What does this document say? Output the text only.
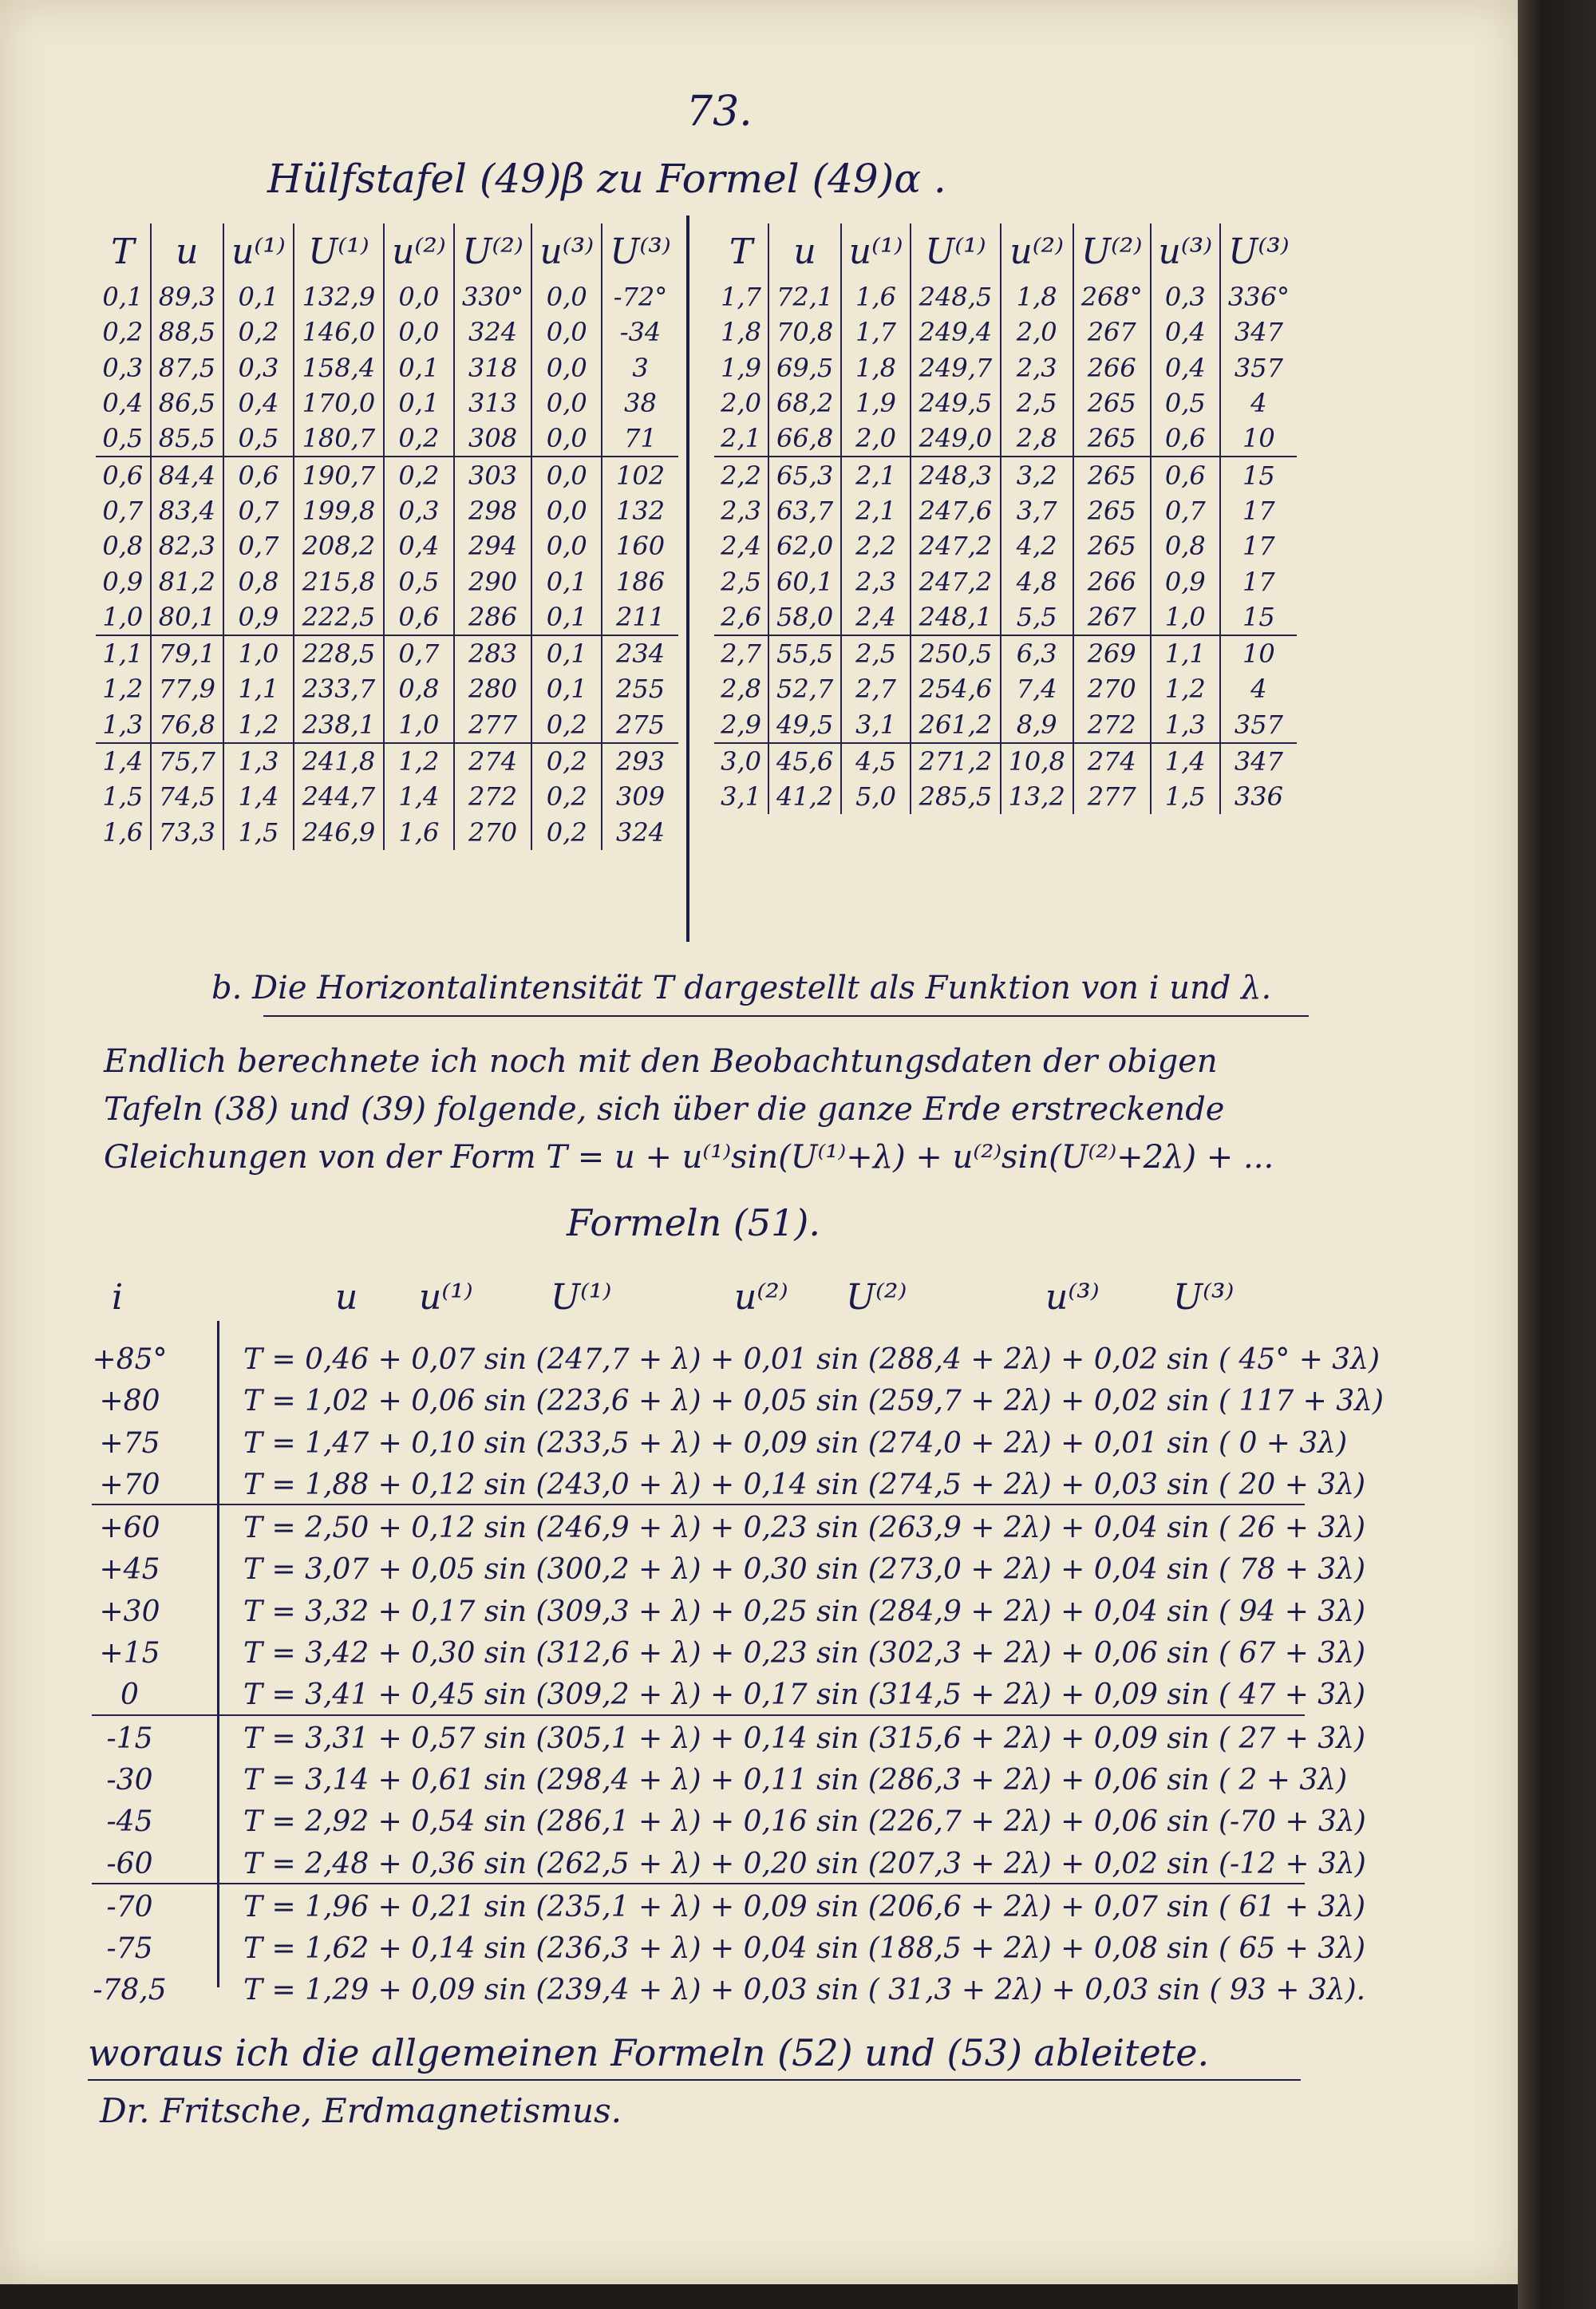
73.
Hülfstafel (49)β zu Formel (49)α .
T	u	u⁽¹⁾	U⁽¹⁾	u⁽²⁾	U⁽²⁾	u⁽³⁾	U⁽³⁾
0,1	89,3	0,1	132,9	0,0	330°	0,0	-72°
0,2	88,5	0,2	146,0	0,0	324	0,0	-34
0,3	87,5	0,3	158,4	0,1	318	0,0	3
0,4	86,5	0,4	170,0	0,1	313	0,0	38
0,5	85,5	0,5	180,7	0,2	308	0,0	71
0,6	84,4	0,6	190,7	0,2	303	0,0	102
0,7	83,4	0,7	199,8	0,3	298	0,0	132
0,8	82,3	0,7	208,2	0,4	294	0,0	160
0,9	81,2	0,8	215,8	0,5	290	0,1	186
1,0	80,1	0,9	222,5	0,6	286	0,1	211
1,1	79,1	1,0	228,5	0,7	283	0,1	234
1,2	77,9	1,1	233,7	0,8	280	0,1	255
1,3	76,8	1,2	238,1	1,0	277	0,2	275
1,4	75,7	1,3	241,8	1,2	274	0,2	293
1,5	74,5	1,4	244,7	1,4	272	0,2	309
1,6	73,3	1,5	246,9	1,6	270	0,2	324
T	u	u⁽¹⁾	U⁽¹⁾	u⁽²⁾	U⁽²⁾	u⁽³⁾	U⁽³⁾
1,7	72,1	1,6	248,5	1,8	268°	0,3	336°
1,8	70,8	1,7	249,4	2,0	267	0,4	347
1,9	69,5	1,8	249,7	2,3	266	0,4	357
2,0	68,2	1,9	249,5	2,5	265	0,5	4
2,1	66,8	2,0	249,0	2,8	265	0,6	10
2,2	65,3	2,1	248,3	3,2	265	0,6	15
2,3	63,7	2,1	247,6	3,7	265	0,7	17
2,4	62,0	2,2	247,2	4,2	265	0,8	17
2,5	60,1	2,3	247,2	4,8	266	0,9	17
2,6	58,0	2,4	248,1	5,5	267	1,0	15
2,7	55,5	2,5	250,5	6,3	269	1,1	10
2,8	52,7	2,7	254,6	7,4	270	1,2	4
2,9	49,5	3,1	261,2	8,9	272	1,3	357
3,0	45,6	4,5	271,2	10,8	274	1,4	347
3,1	41,2	5,0	285,5	13,2	277	1,5	336
b. Die Horizontalintensität T dargestellt als Funktion von i und λ.
Endlich berechnete ich noch mit den Beobachtungsdaten der obigen
Tafeln (38) und (39) folgende, sich über die ganze Erde erstreckende
Gleichungen von der Form T = u + u⁽¹⁾sin(U⁽¹⁾+λ) + u⁽²⁾sin(U⁽²⁾+2λ) + ...
Formeln (51).
i	u u⁽¹⁾ U⁽¹⁾	u⁽²⁾ U⁽²⁾	u⁽³⁾ U⁽³⁾
+85°	T = 0,46 + 0,07 sin (247,7 + λ) + 0,01 sin (288,4 + 2λ) + 0,02 sin ( 45° + 3λ)
+80	T = 1,02 + 0,06 sin (223,6 + λ) + 0,05 sin (259,7 + 2λ) + 0,02 sin ( 117 + 3λ)
+75	T = 1,47 + 0,10 sin (233,5 + λ) + 0,09 sin (274,0 + 2λ) + 0,01 sin ( 0 + 3λ)
+70	T = 1,88 + 0,12 sin (243,0 + λ) + 0,14 sin (274,5 + 2λ) + 0,03 sin ( 20 + 3λ)
+60	T = 2,50 + 0,12 sin (246,9 + λ) + 0,23 sin (263,9 + 2λ) + 0,04 sin ( 26 + 3λ)
+45	T = 3,07 + 0,05 sin (300,2 + λ) + 0,30 sin (273,0 + 2λ) + 0,04 sin ( 78 + 3λ)
+30	T = 3,32 + 0,17 sin (309,3 + λ) + 0,25 sin (284,9 + 2λ) + 0,04 sin ( 94 + 3λ)
+15	T = 3,42 + 0,30 sin (312,6 + λ) + 0,23 sin (302,3 + 2λ) + 0,06 sin ( 67 + 3λ)
0	T = 3,41 + 0,45 sin (309,2 + λ) + 0,17 sin (314,5 + 2λ) + 0,09 sin ( 47 + 3λ)
-15	T = 3,31 + 0,57 sin (305,1 + λ) + 0,14 sin (315,6 + 2λ) + 0,09 sin ( 27 + 3λ)
-30	T = 3,14 + 0,61 sin (298,4 + λ) + 0,11 sin (286,3 + 2λ) + 0,06 sin ( 2 + 3λ)
-45	T = 2,92 + 0,54 sin (286,1 + λ) + 0,16 sin (226,7 + 2λ) + 0,06 sin (-70 + 3λ)
-60	T = 2,48 + 0,36 sin (262,5 + λ) + 0,20 sin (207,3 + 2λ) + 0,02 sin (-12 + 3λ)
-70	T = 1,96 + 0,21 sin (235,1 + λ) + 0,09 sin (206,6 + 2λ) + 0,07 sin ( 61 + 3λ)
-75	T = 1,62 + 0,14 sin (236,3 + λ) + 0,04 sin (188,5 + 2λ) + 0,08 sin ( 65 + 3λ)
-78,5	T = 1,29 + 0,09 sin (239,4 + λ) + 0,03 sin ( 31,3 + 2λ) + 0,03 sin ( 93 + 3λ).
woraus ich die allgemeinen Formeln (52) und (53) ableitete.
Dr. Fritsche, Erdmagnetismus.
